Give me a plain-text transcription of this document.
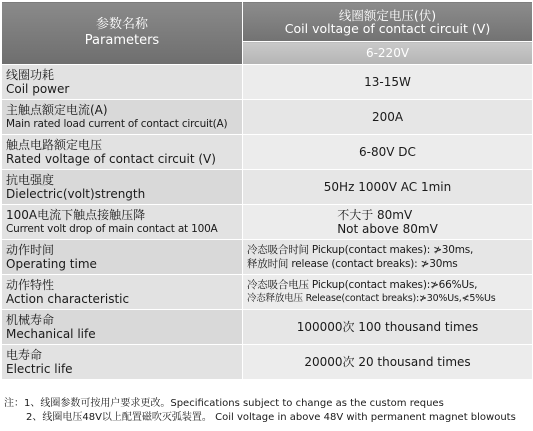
参数名称
Parameters	线圈额定电压(伏)
Coil voltage of contact circuit (V)

	6-220V

线圈功耗
Coil power	13-15W

主触点额定电流(A)
Main rated load current of contact circuit(A)	200A

触点电路额定电压
Rated voltage of contact circuit (V)	6-80V DC

抗电强度
Dielectric(volt)strength	50Hz 1000V AC 1min

100A电流下触点接触压降
Current volt drop of main contact at 100A	不大于 80mV
Not above 80mV

动作时间
Operating time	冷态吸合时间 Pickup(contact makes): ≯30ms,
释放时间 release (contact breaks): ≯30ms

动作特性
Action characteristic	冷态吸合电压 Pickup(contact makes):≯66%Us,
冷态释放电压 Release(contact breaks):≯30%Us,≮5%Us

机械寿命
Mechanical life	100000次 100 thousand times

电寿命
Electric life	20000次 20 thousand times
注：1、线圈参数可按用户要求更改。Specifications subject to change as the custom reques
2、线圈电压48V以上配置磁吹灭弧装置。 Coil voltage in above 48V with permanent magnet blowouts
